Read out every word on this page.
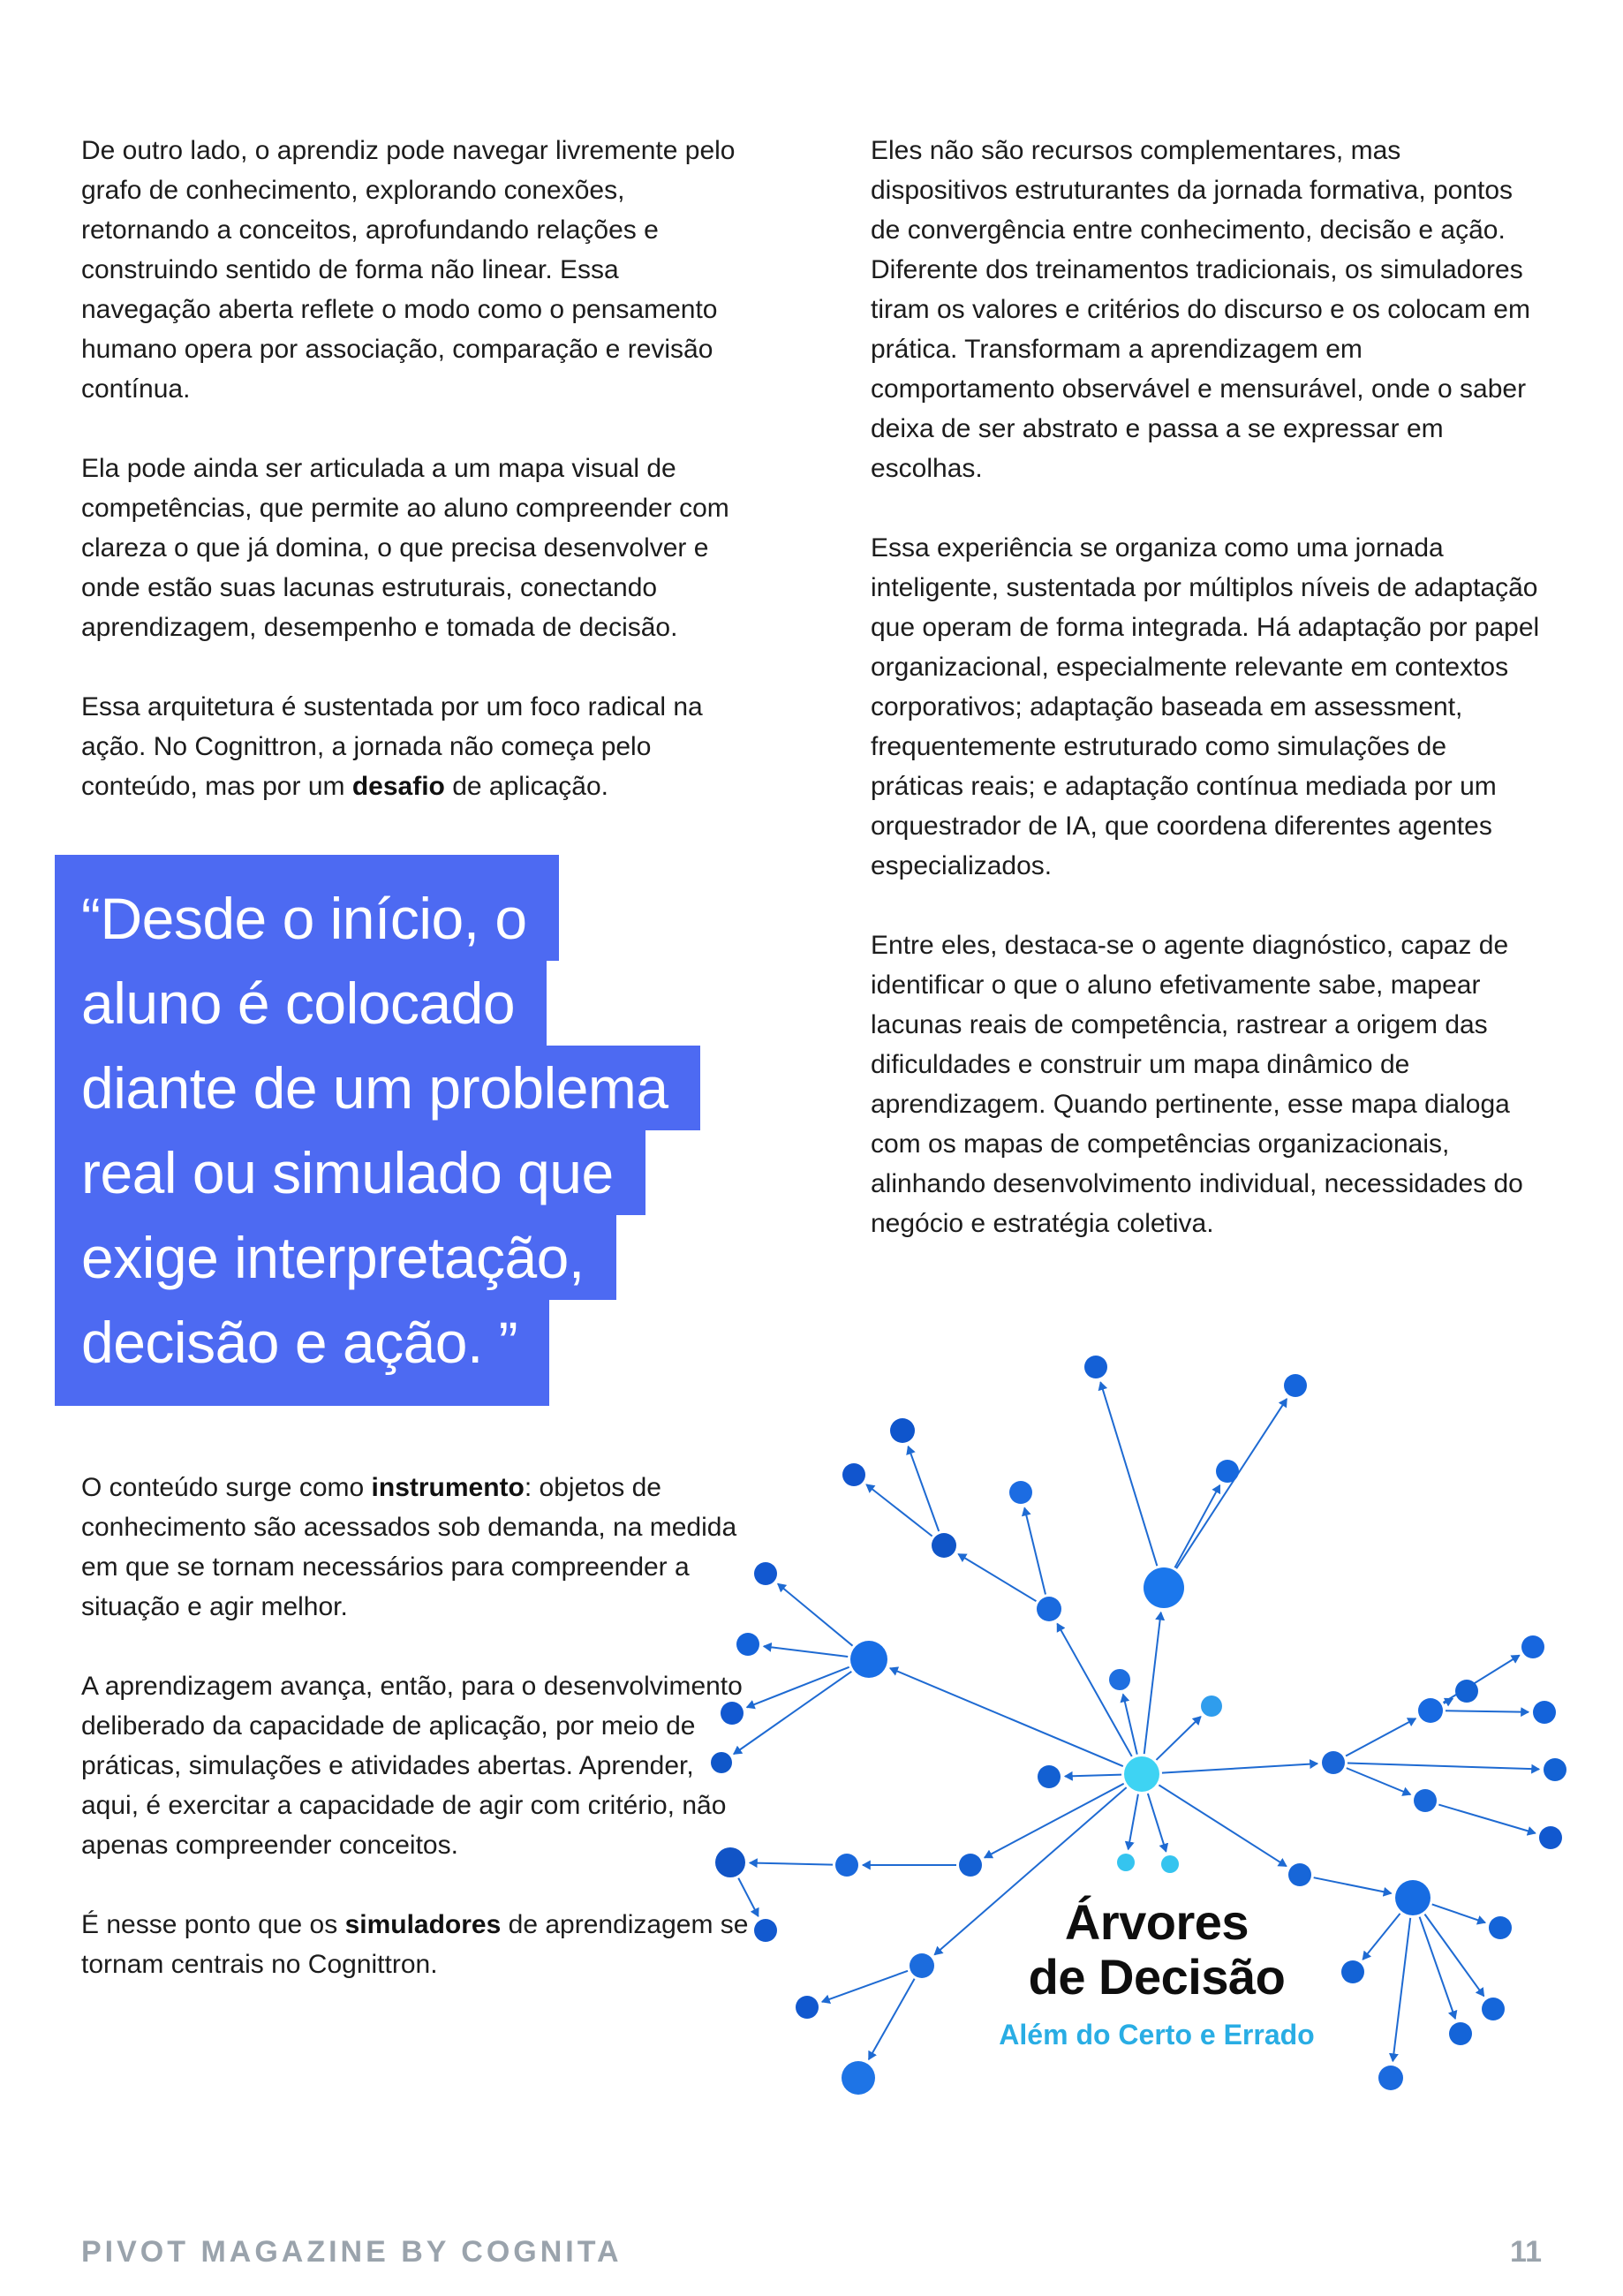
De outro lado, o aprendiz pode navegar livremente pelo grafo de conhecimento, explorando conexões, retornando a conceitos, aprofundando relações e construindo sentido de forma não linear. Essa navegação aberta reflete o modo como o pensamento humano opera por associação, comparação e revisão contínua.

Ela pode ainda ser articulada a um mapa visual de competências, que permite ao aluno compreender com clareza o que já domina, o que precisa desenvolver e onde estão suas lacunas estruturais, conectando aprendizagem, desempenho e tomada de decisão.

Essa arquitetura é sustentada por um foco radical na ação. No Cognittron, a jornada não começa pelo conteúdo, mas por um desafio de aplicação.

“Desde o início, o
aluno é colocado
diante de um problema
real ou simulado que
exige interpretação,
decisão e ação. ”

O conteúdo surge como instrumento: objetos de conhecimento são acessados sob demanda, na medida em que se tornam necessários para compreender a situação e agir melhor.

A aprendizagem avança, então, para o desenvolvimento deliberado da capacidade de aplicação, por meio de práticas, simulações e atividades abertas. Aprender, aqui, é exercitar a capacidade de agir com critério, não apenas compreender conceitos.

É nesse ponto que os simuladores de aprendizagem se tornam centrais no Cognittron.

Eles não são recursos complementares, mas dispositivos estruturantes da jornada formativa, pontos de convergência entre conhecimento, decisão e ação. Diferente dos treinamentos tradicionais, os simuladores tiram os valores e critérios do discurso e os colocam em prática. Transformam a aprendizagem em comportamento observável e mensurável, onde o saber deixa de ser abstrato e passa a se expressar em escolhas.

Essa experiência se organiza como uma jornada inteligente, sustentada por múltiplos níveis de adaptação que operam de forma integrada. Há adaptação por papel organizacional, especialmente relevante em contextos corporativos; adaptação baseada em assessment, frequentemente estruturado como simulações de práticas reais; e adaptação contínua mediada por um orquestrador de IA, que coordena diferentes agentes especializados.

Entre eles, destaca-se o agente diagnóstico, capaz de identificar o que o aluno efetivamente sabe, mapear lacunas reais de competência, rastrear a origem das dificuldades e construir um mapa dinâmico de aprendizagem. Quando pertinente, esse mapa dialoga com os mapas de competências organizacionais, alinhando desenvolvimento individual, necessidades do negócio e estratégia coletiva.

Árvores
de Decisão
Além do Certo e Errado
PIVOT MAGAZINE BY COGNITA	11
